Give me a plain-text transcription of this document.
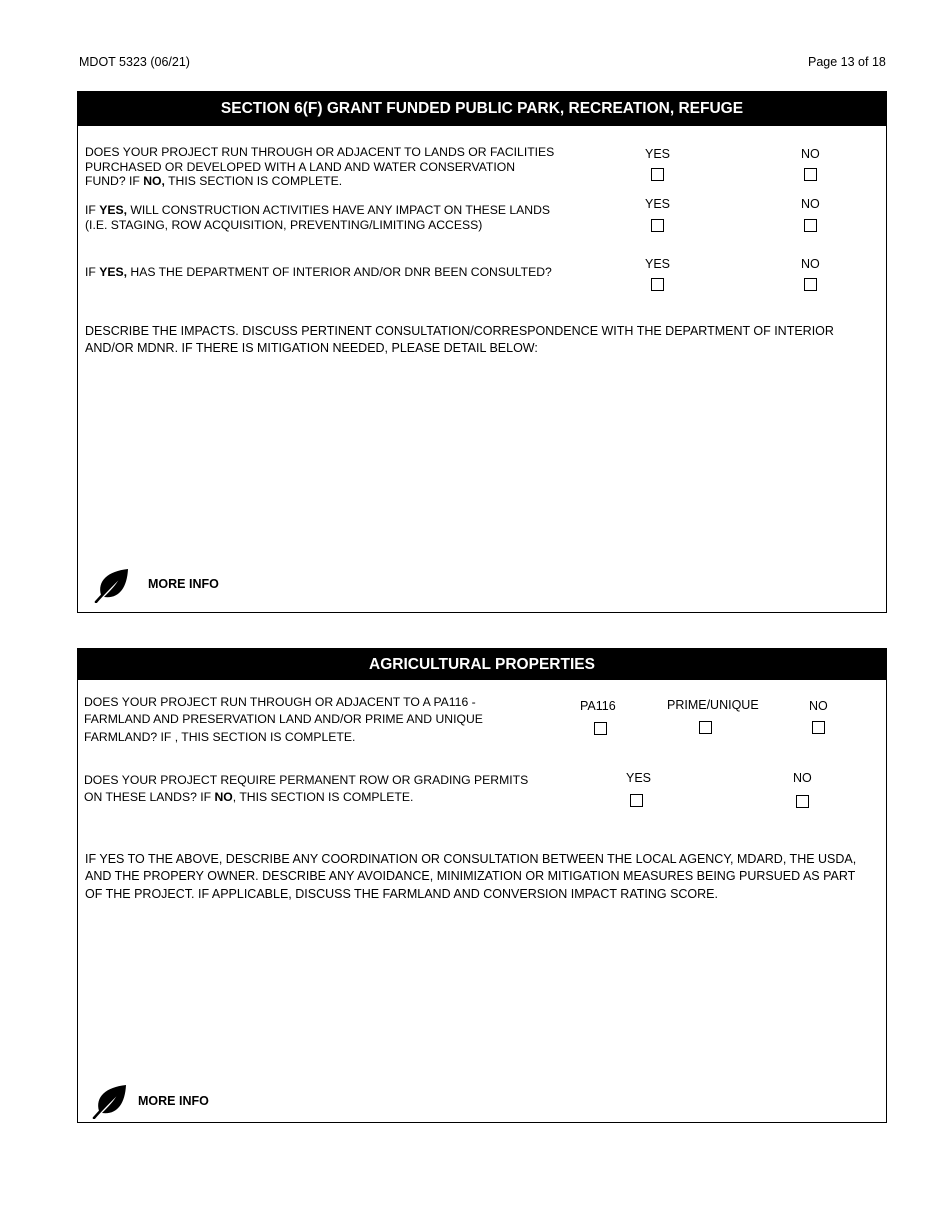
MDOT 5323 (06/21)	Page 13 of 18
SECTION 6(F) GRANT FUNDED PUBLIC PARK, RECREATION, REFUGE
DOES YOUR PROJECT RUN THROUGH OR ADJACENT TO LANDS OR FACILITIES
PURCHASED OR DEVELOPED WITH A LAND AND WATER CONSERVATION
FUND? IF NO, THIS SECTION IS COMPLETE.
YES	NO
IF YES, WILL CONSTRUCTION ACTIVITIES HAVE ANY IMPACT ON THESE LANDS
(I.E. STAGING, ROW ACQUISITION, PREVENTING/LIMITING ACCESS)
YES	NO
IF YES, HAS THE DEPARTMENT OF INTERIOR AND/OR DNR BEEN CONSULTED?
YES	NO
DESCRIBE THE IMPACTS. DISCUSS PERTINENT CONSULTATION/CORRESPONDENCE WITH THE DEPARTMENT OF INTERIOR
AND/OR MDNR. IF THERE IS MITIGATION NEEDED, PLEASE DETAIL BELOW:
MORE INFO
AGRICULTURAL PROPERTIES
DOES YOUR PROJECT RUN THROUGH OR ADJACENT TO A PA116 -
FARMLAND AND PRESERVATION LAND AND/OR PRIME AND UNIQUE
FARMLAND? IF , THIS SECTION IS COMPLETE.
PA116	PRIME/UNIQUE	NO
DOES YOUR PROJECT REQUIRE PERMANENT ROW OR GRADING PERMITS
ON THESE LANDS? IF NO, THIS SECTION IS COMPLETE.
YES	NO
IF YES TO THE ABOVE, DESCRIBE ANY COORDINATION OR CONSULTATION BETWEEN THE LOCAL AGENCY, MDARD, THE USDA,
AND THE PROPERY OWNER. DESCRIBE ANY AVOIDANCE, MINIMIZATION OR MITIGATION MEASURES BEING PURSUED AS PART
OF THE PROJECT. IF APPLICABLE, DISCUSS THE FARMLAND AND CONVERSION IMPACT RATING SCORE.
MORE INFO
